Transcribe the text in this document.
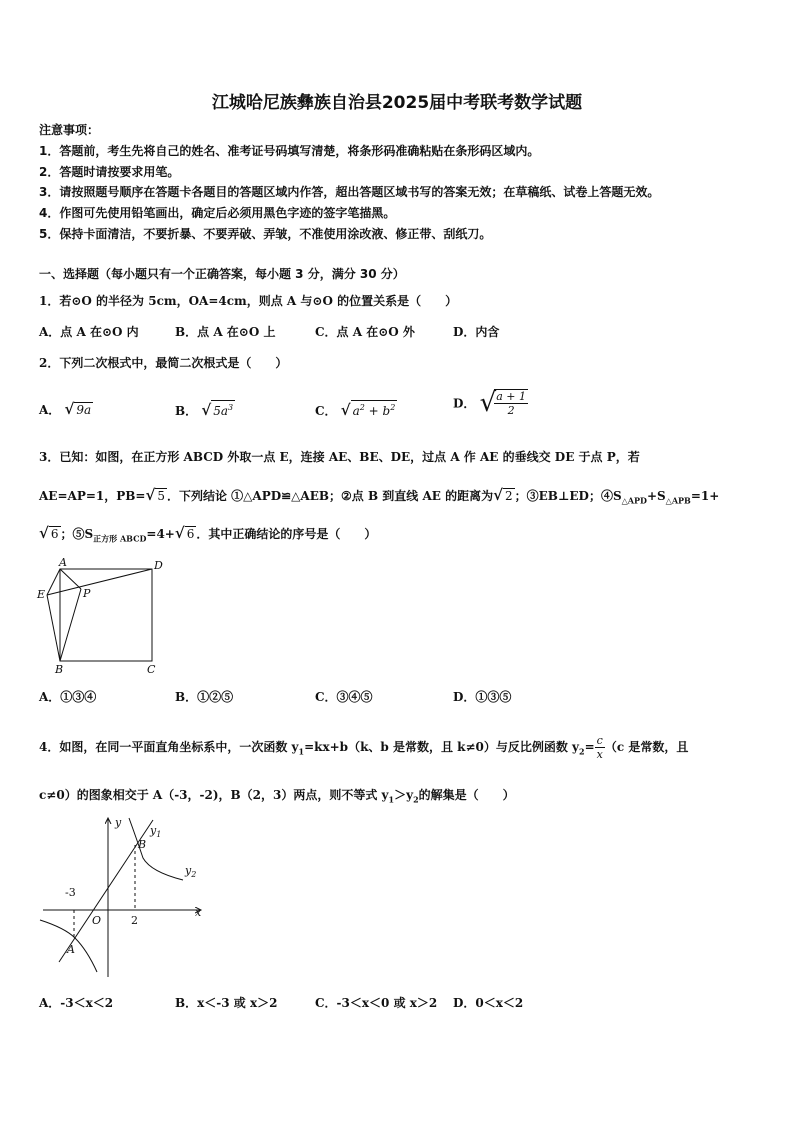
江城哈尼族彝族自治县2025届中考联考数学试题
注意事项：
1．答题前，考生先将自己的姓名、准考证号码填写清楚，将条形码准确粘贴在条形码区域内。
2．答题时请按要求用笔。
3．请按照题号顺序在答题卡各题目的答题区域内作答，超出答题区域书写的答案无效；在草稿纸、试卷上答题无效。
4．作图可先使用铅笔画出，确定后必须用黑色字迹的签字笔描黑。
5．保持卡面清洁，不要折暴、不要弄破、弄皱，不准使用涂改液、修正带、刮纸刀。
一、选择题（每小题只有一个正确答案，每小题 3 分，满分 30 分）
1．若⊙O 的半径为 5cm，OA=4cm，则点 A 与⊙O 的位置关系是（　　）
A．点 A 在⊙O 内	B．点 A 在⊙O 上	C．点 A 在⊙O 外	D．内含
2．下列二次根式中，最简二次根式是（　　）
A． √ 9a	B． √ $5a^3$	C． √ $a^2 + b^2$	D． √
$\frac{a + 1}{2}$
3．已知：如图，在正方形 ABCD 外取一点 E，连接 AE、BE、DE，过点 A 作 AE 的垂线交 DE 于点 P，若
AE=AP=1，PB=√ 5 ．下列结论 ①△APD≌△AEB；②点 B 到直线 AE 的距离为√ 2 ；③EB⊥ED；$④S_{\triangle APD}+S_{\triangle APB}=1+$
√ 6 ；$⑤S_{正方形 ABCD}=4+√$ 6 ．其中正确结论的序号是（　　）
A	D
E	P
B	C
A．①③④	B．①②⑤	C．③④⑤	D．①③⑤
4．如图，在同一平面直角坐标系中，一次函数 $y_1=kx+b(k$、b 是常数，且 k≠0）与反比例函数 $y_2= \frac{c}{x} (c$ 是常数，且
c≠0）的图象相交于 A（-3，-2)，B（2，3）两点，则不等式 $y_1>y_2$的解集是（　　）
y
x
$y_1$
$y_2$
B
A
O
-3
2
A．-3＜x＜2	B．x＜-3 或 x＞2	C．-3＜x＜0 或 x＞2 D．0＜x＜2
